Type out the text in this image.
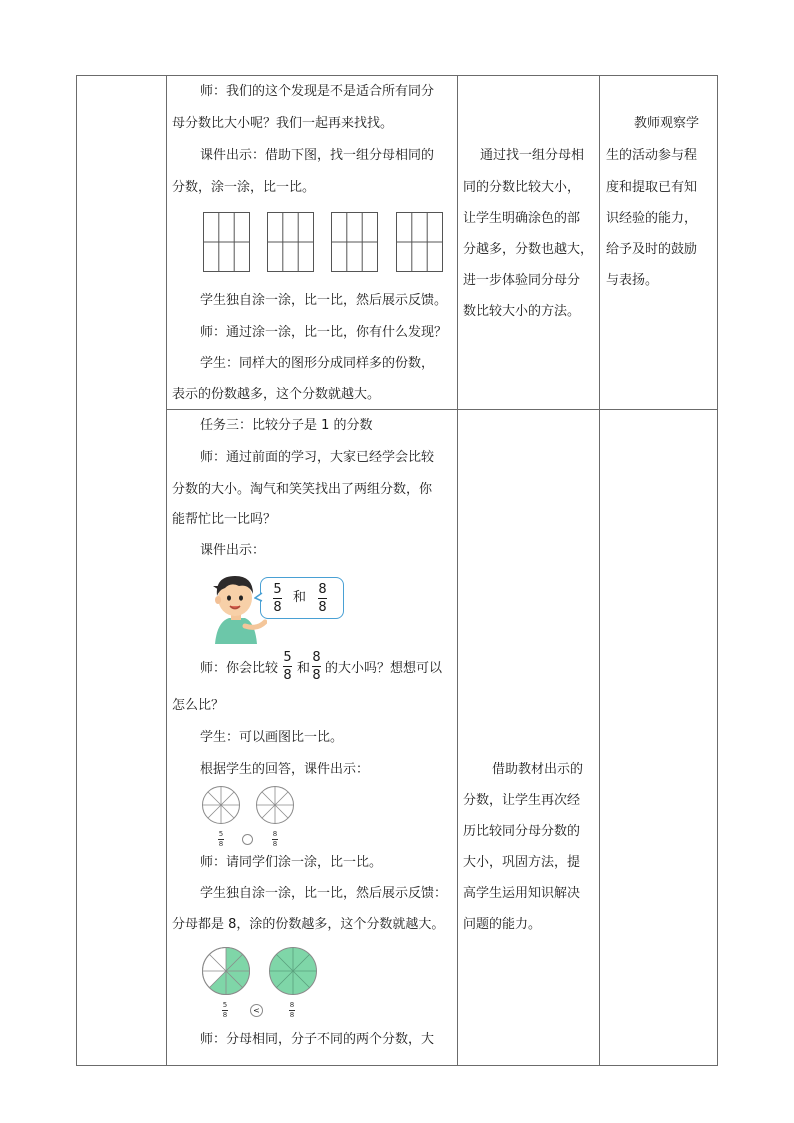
师：我们的这个发现是不是适合所有同分
母分数比大小呢？我们一起再来找找。
课件出示：借助下图，找一组分母相同的
分数，涂一涂，比一比。
学生独自涂一涂，比一比，然后展示反馈。
师：通过涂一涂，比一比，你有什么发现？
学生：同样大的图形分成同样多的份数，
表示的份数越多，这个分数就越大。
通过找一组分母相
同的分数比较大小，
让学生明确涂色的部
分越多，分数也越大，
进一步体验同分母分
数比较大小的方法。
教师观察学
生的活动参与程
度和提取已有知
识经验的能力，
给予及时的鼓励
与表扬。
任务三：比较分子是 1 的分数
师：通过前面的学习，大家已经学会比较
分数的大小。淘气和笑笑找出了两组分数，你
能帮忙比一比吗？
课件出示：
5
8
和
8
8
师：你会比较
5
8 和
8
8 的大小吗？想想可以
怎么比？
学生：可以画图比一比。
根据学生的回答，课件出示：
5
8
8
8
师：请同学们涂一涂，比一比。
学生独自涂一涂，比一比，然后展示反馈：
分母都是 8，涂的份数越多，这个分数就越大。
5
8	<
8
8
师：分母相同，分子不同的两个分数，大
借助教材出示的
分数，让学生再次经
历比较同分母分数的
大小，巩固方法，提
高学生运用知识解决
问题的能力。
